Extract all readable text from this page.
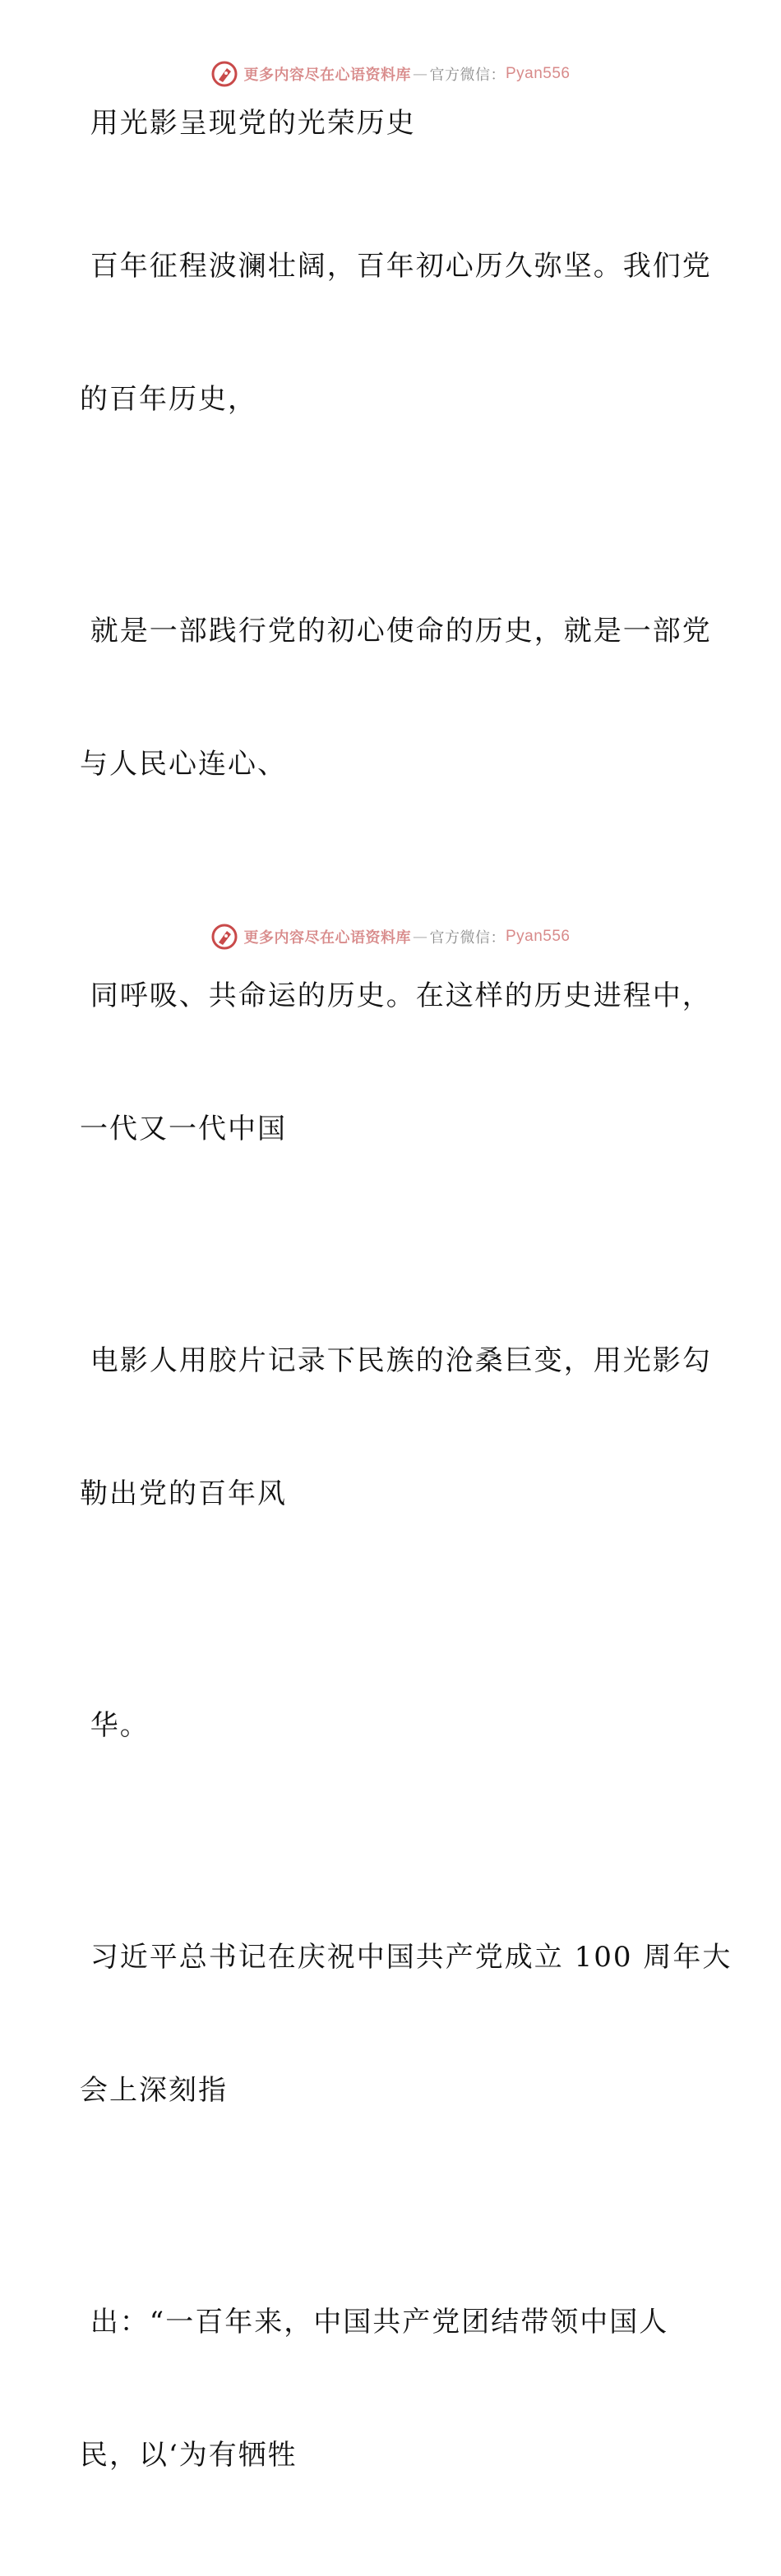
更多内容尽在心语资料库 — 官方微信： Pyan556

用光影呈现党的光荣历史

百年征程波澜壮阔，百年初心历久弥坚。我们党

的百年历史，

就是一部践行党的初心使命的历史，就是一部党

与人民心连心、

同呼吸、共命运的历史。在这样的历史进程中，

一代又一代中国

电影人用胶片记录下民族的沧桑巨变，用光影勾

勒出党的百年风

华。

习近平总书记在庆祝中国共产党成立 100 周年大

会上深刻指

出：“一百年来，中国共产党团结带领中国人

民，以‘为有牺牲

更多内容尽在心语资料库 — 官方微信： Pyan556
